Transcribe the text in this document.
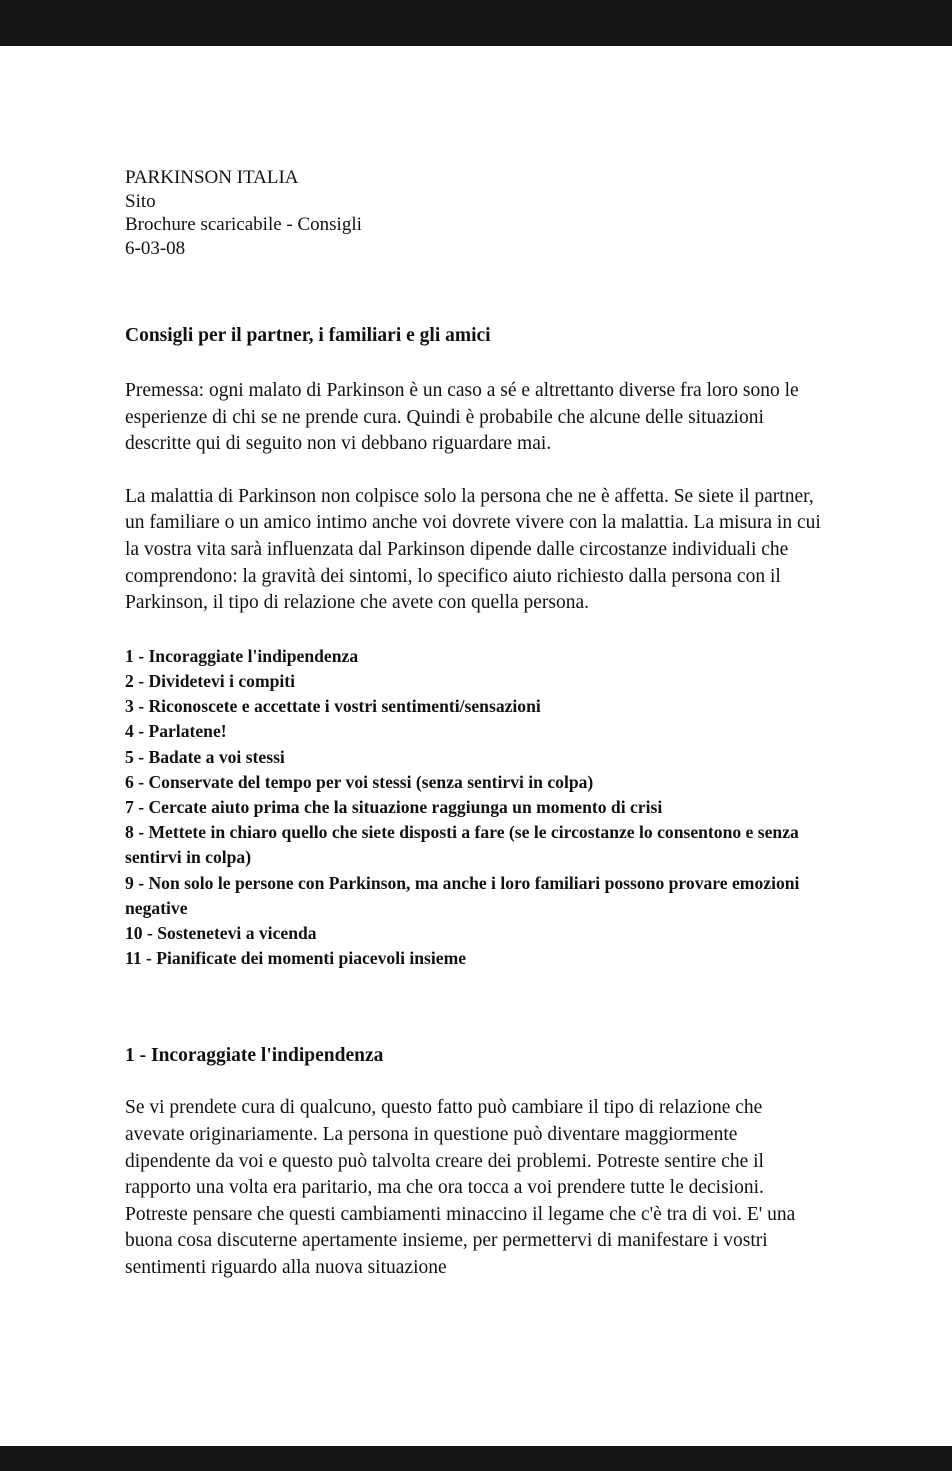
PARKINSON ITALIA
Sito
Brochure scaricabile - Consigli
6-03-08
Consigli per il partner, i familiari e gli amici

Premessa: ogni malato di Parkinson è un caso a sé e altrettanto diverse fra loro sono le esperienze di chi se ne prende cura. Quindi è probabile che alcune delle situazioni descritte qui di seguito non vi debbano riguardare mai.

La malattia di Parkinson non colpisce solo la persona che ne è affetta. Se siete il partner, un familiare o un amico intimo anche voi dovrete vivere con la malattia. La misura in cui la vostra vita sarà influenzata dal Parkinson dipende dalle circostanze individuali che comprendono: la gravità dei sintomi, lo specifico aiuto richiesto dalla persona con il Parkinson, il tipo di relazione che avete con quella persona.

1 - Incoraggiate l'indipendenza
2 - Dividetevi i compiti
3 - Riconoscete e accettate i vostri sentimenti/sensazioni
4 - Parlatene!
5 - Badate a voi stessi
6 - Conservate del tempo per voi stessi (senza sentirvi in colpa)
7 - Cercate aiuto prima che la situazione raggiunga un momento di crisi
8 - Mettete in chiaro quello che siete disposti a fare (se le circostanze lo consentono e senza sentirvi in colpa)
9 - Non solo le persone con Parkinson, ma anche i loro familiari possono provare emozioni negative
10 - Sostenetevi a vicenda
11 - Pianificate dei momenti piacevoli insieme
1 - Incoraggiate l'indipendenza

Se vi prendete cura di qualcuno, questo fatto può cambiare il tipo di relazione che avevate originariamente. La persona in questione può diventare maggiormente dipendente da voi e questo può talvolta creare dei problemi. Potreste sentire che il rapporto una volta era paritario, ma che ora tocca a voi prendere tutte le decisioni. Potreste pensare che questi cambiamenti minaccino il legame che c'è tra di voi. E' una buona cosa discuterne apertamente insieme, per permettervi di manifestare i vostri sentimenti riguardo alla nuova situazione
